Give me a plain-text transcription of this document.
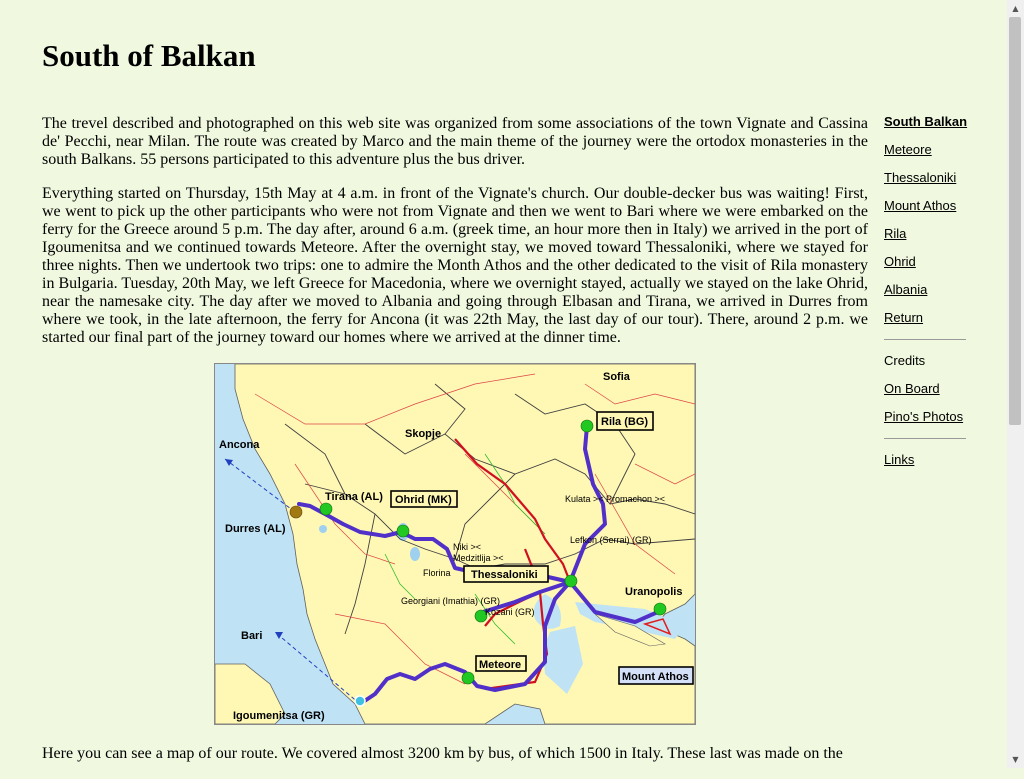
South of Balkan

The trevel described and photographed on this web site was organized from some associations of the town Vignate and Cassina de' Pecchi, near Milan. The route was created by Marco and the main theme of the journey were the ortodox monasteries in the south Balkans. 55 persons participated to this adventure plus the bus driver.

Everything started on Thursday, 15th May at 4 a.m. in front of the Vignate's church. Our double-decker bus was waiting! First, we went to pick up the other participants who were not from Vignate and then we went to Bari where we were embarked on the ferry for the Greece around 5 p.m. The day after, around 6 a.m. (greek time, an hour more then in Italy) we arrived in the port of Igoumenitsa and we continued towards Meteore. After the overnight stay, we moved toward Thessaloniki, where we stayed for three nights. Then we undertook two trips: one to admire the Month Athos and the other dedicated to the visit of Rila monastery in Bulgaria. Tuesday, 20th May, we left Greece for Macedonia, where we overnight stayed, actually we stayed on the lake Ohrid, near the namesake city. The day after we moved to Albania and going through Elbasan and Tirana, we arrived in Durres from where we took, in the late afternoon, the ferry for Ancona (it was 22th May, the last day of our tour). There, around 2 p.m. we started our final part of the journey toward our homes where we arrived at the dinner time.

Sofia
Skopje
Ancona
Tirana (AL)
Durres (AL)
Bari
Igoumenitsa (GR)
Kulata >< Promachon ><
Lefkon (Serrai) (GR)
Niki ><
Medzitlija ><
Florina
Georgiani (Imathia) (GR)
Kozani (GR)
Uranopolis
Rila (BG)
Ohrid (MK)
Thessaloniki
Meteore
Mount Athos

Here you can see a map of our route. We covered almost 3200 km by bus, of which 1500 in Italy. These last was made on the

South Balkan
Meteore
Thessaloniki
Mount Athos
Rila
Ohrid
Albania
Return
Credits
On Board
Pino's Photos
Links
▲
▼
